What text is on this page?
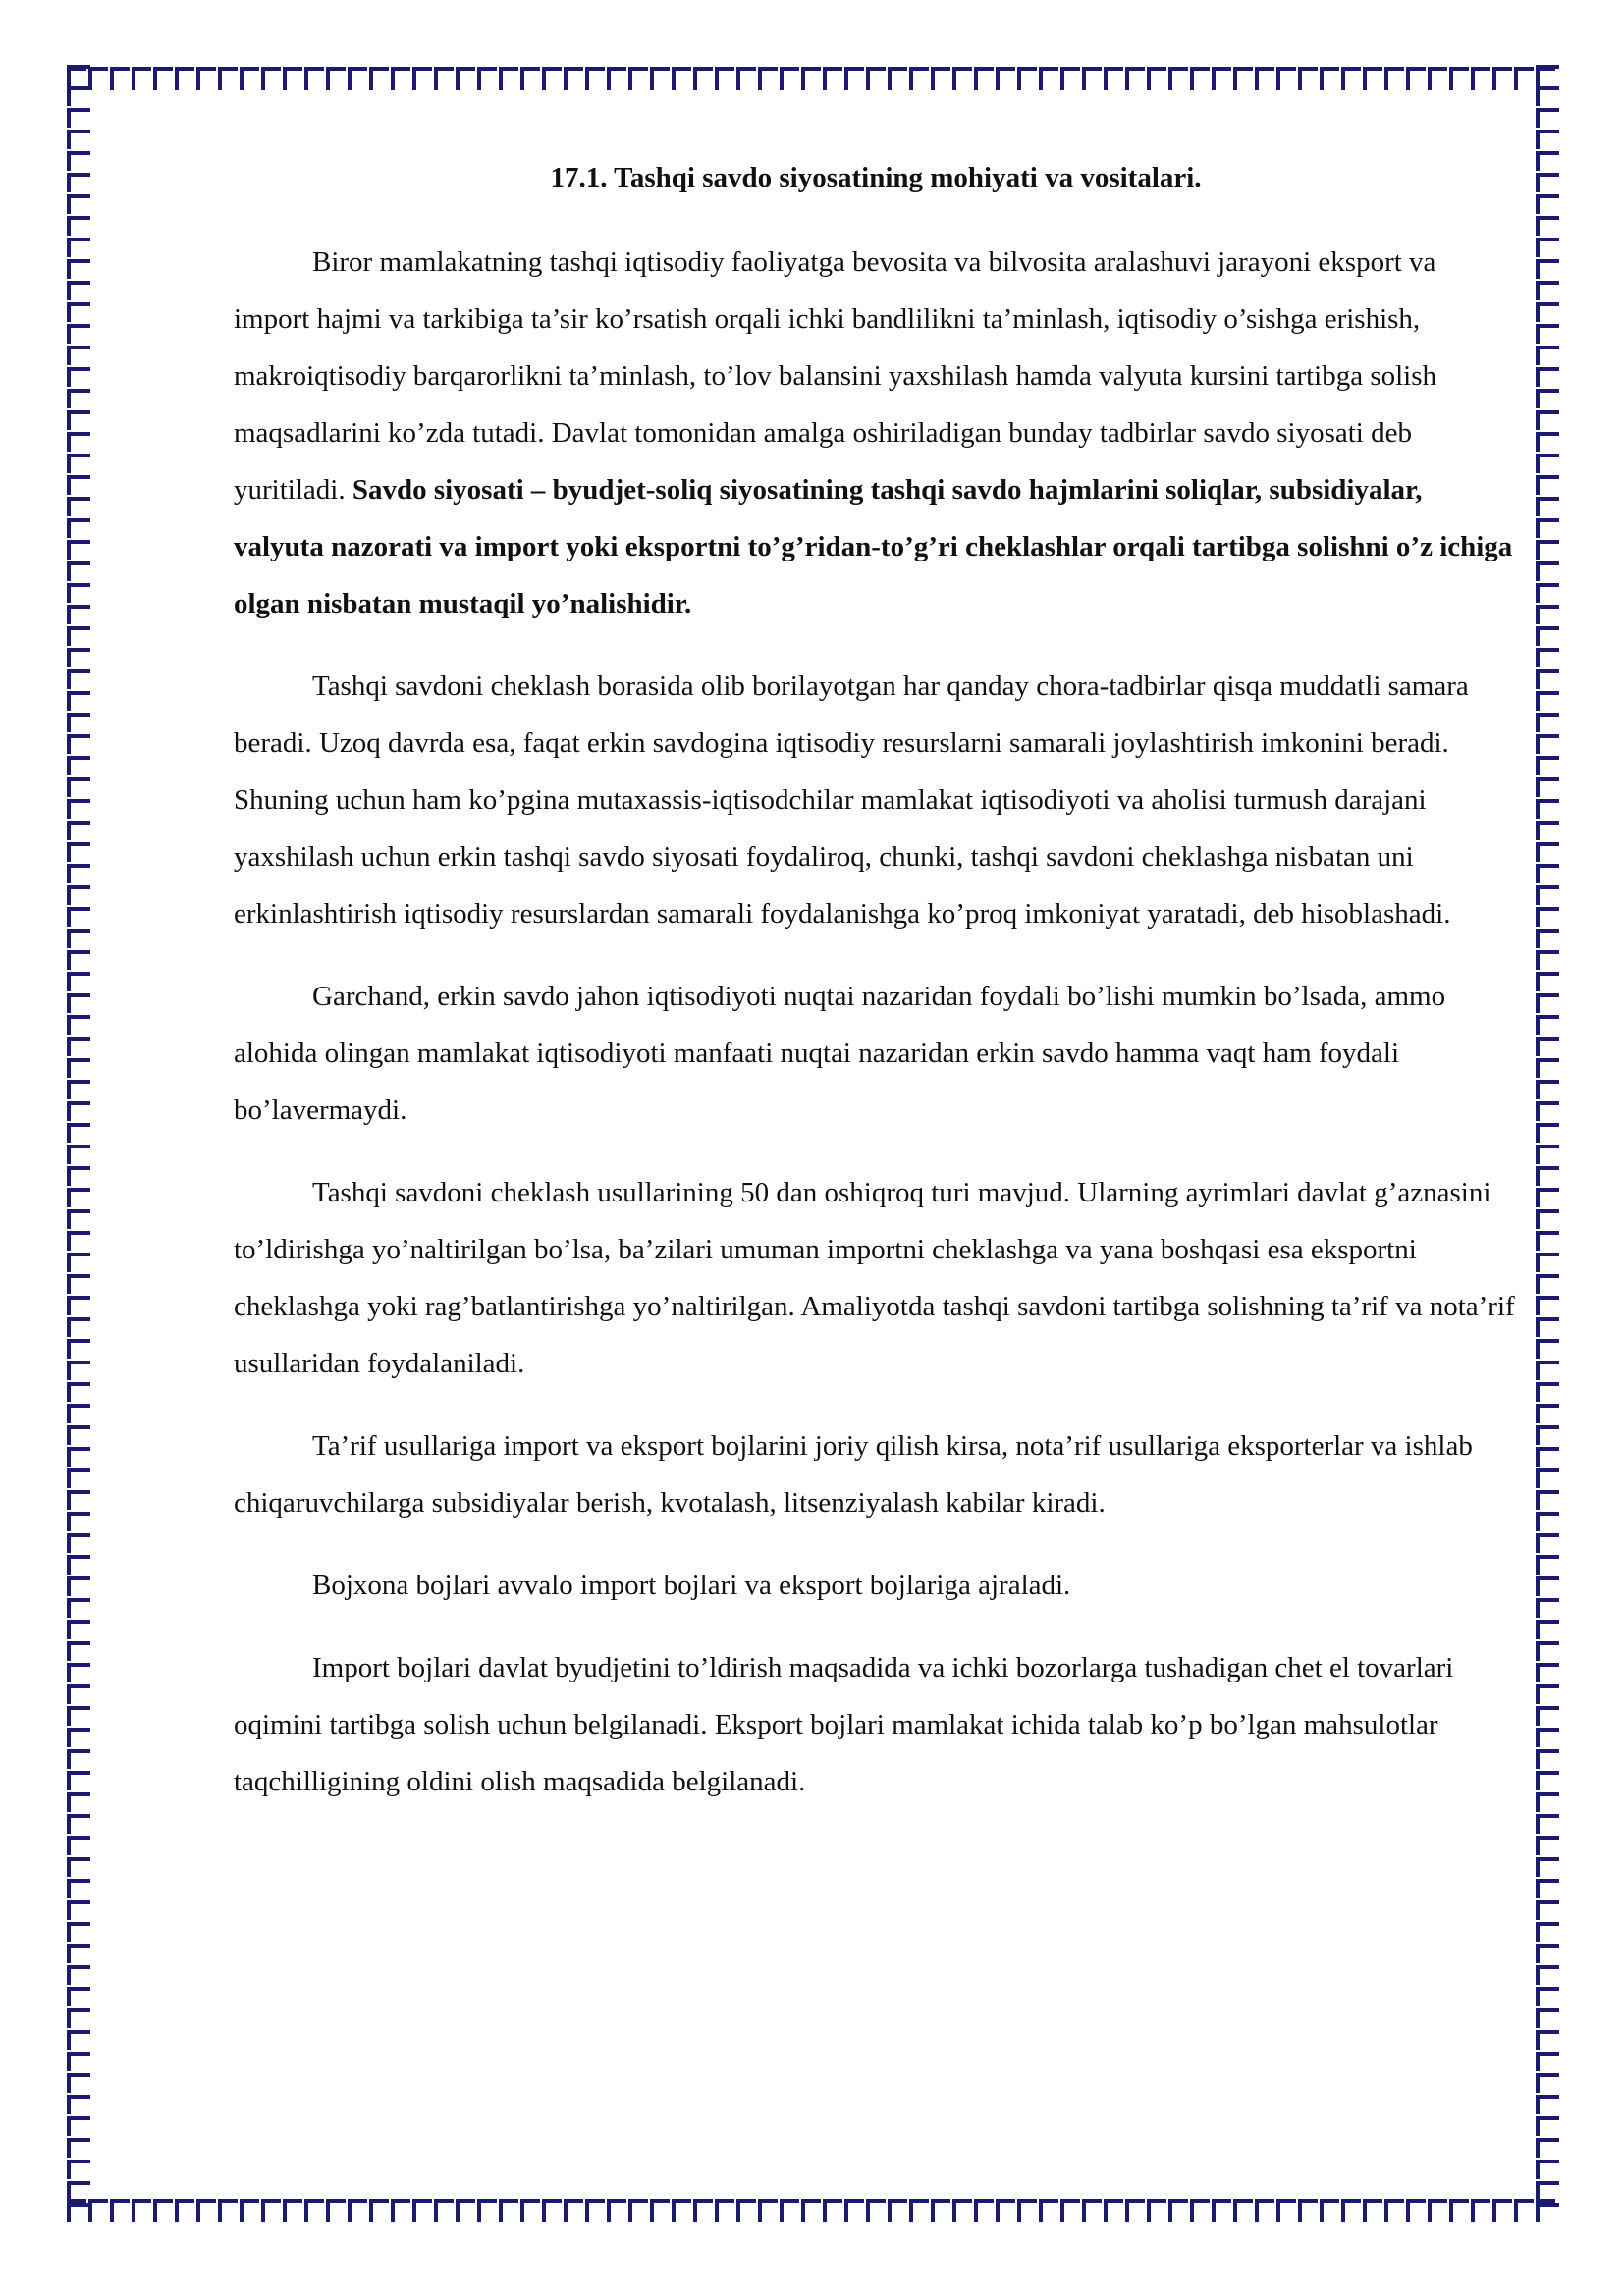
17.1. Tashqi savdo siyosatining mohiyati va vositalari.

Biror mamlakatning tashqi iqtisodiy faoliyatga bevosita va bilvosita aralashuvi jarayoni eksport va import hajmi va tarkibiga ta’sir ko’rsatish orqali ichki bandlilikni ta’minlash, iqtisodiy o’sishga erishish, makroiqtisodiy barqarorlikni ta’minlash, to’lov balansini yaxshilash hamda valyuta kursini tartibga solish maqsadlarini ko’zda tutadi. Davlat tomonidan amalga oshiriladigan bunday tadbirlar savdo siyosati deb yuritiladi. Savdo siyosati – byudjet-soliq siyosatining tashqi savdo hajmlarini soliqlar, subsidiyalar, valyuta nazorati va import yoki eksportni to’g’ridan-to’g’ri cheklashlar orqali tartibga solishni o’z ichiga olgan nisbatan mustaqil yo’nalishidir.

Tashqi savdoni cheklash borasida olib borilayotgan har qanday chora-tadbirlar qisqa muddatli samara beradi. Uzoq davrda esa, faqat erkin savdogina iqtisodiy resurslarni samarali joylashtirish imkonini beradi. Shuning uchun ham ko’pgina mutaxassis-iqtisodchilar mamlakat iqtisodiyoti va aholisi turmush darajani yaxshilash uchun erkin tashqi savdo siyosati foydaliroq, chunki, tashqi savdoni cheklashga nisbatan uni erkinlashtirish iqtisodiy resurslardan samarali foydalanishga ko’proq imkoniyat yaratadi, deb hisoblashadi.

Garchand, erkin savdo jahon iqtisodiyoti nuqtai nazaridan foydali bo’lishi mumkin bo’lsada, ammo alohida olingan mamlakat iqtisodiyoti manfaati nuqtai nazaridan erkin savdo hamma vaqt ham foydali bo’lavermaydi.

Tashqi savdoni cheklash usullarining 50 dan oshiqroq turi mavjud. Ularning ayrimlari davlat g’aznasini to’ldirishga yo’naltirilgan bo’lsa, ba’zilari umuman importni cheklashga va yana boshqasi esa eksportni cheklashga yoki rag’batlantirishga yo’naltirilgan. Amaliyotda tashqi savdoni tartibga solishning ta’rif va nota’rif usullaridan foydalaniladi.

Ta’rif usullariga import va eksport bojlarini joriy qilish kirsa, nota’rif usullariga eksporterlar va ishlab chiqaruvchilarga subsidiyalar berish, kvotalash, litsenziyalash kabilar kiradi.

Bojxona bojlari avvalo import bojlari va eksport bojlariga ajraladi.

Import bojlari davlat byudjetini to’ldirish maqsadida va ichki bozorlarga tushadigan chet el tovarlari oqimini tartibga solish uchun belgilanadi. Eksport bojlari mamlakat ichida talab ko’p bo’lgan mahsulotlar taqchilligining oldini olish maqsadida belgilanadi.
